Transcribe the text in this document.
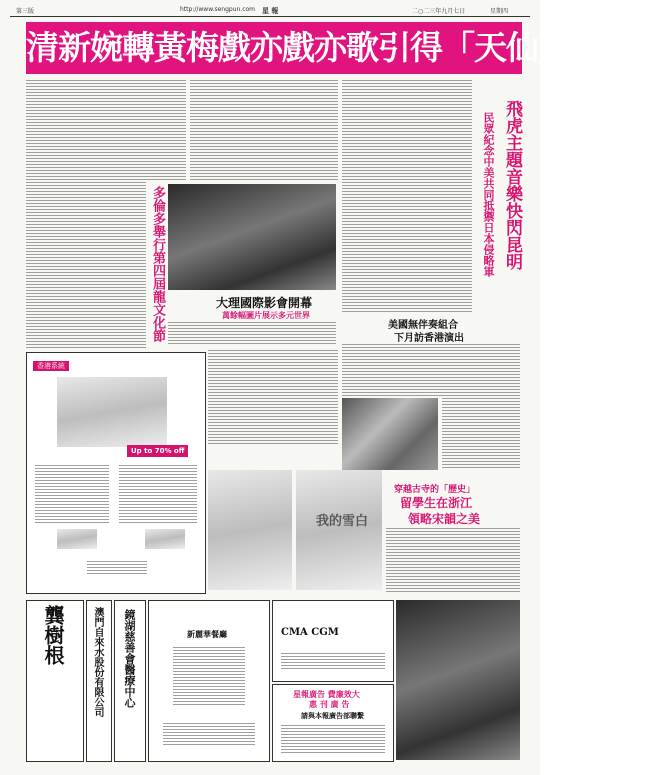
第三版	http://www.sengpun.com 星 報	二○二三年九月七日	星期四
清新婉轉黃梅戲亦戲亦歌引得「天仙」落人間
多倫多舉行第四屆龍文化節	大理國際影會開幕
萬餘幅圖片展示多元世界
飛虎主題音樂快閃昆明
民眾紀念中美共同抵禦日本侵略軍
美國無伴奏組合
下月訪香港演出
香港系統
Up to 70% off
我的雪白
穿越古寺的「歷史」
留學生在浙江
領略宋韻之美
龔樹根	澳門自來水股份有限公司 鏡湖慈善會醫療中心	新麗華餐廳	CMA CGM
星報廣告 費廉效大
惠 刊 廣 告
請與本報廣告部聯繫
